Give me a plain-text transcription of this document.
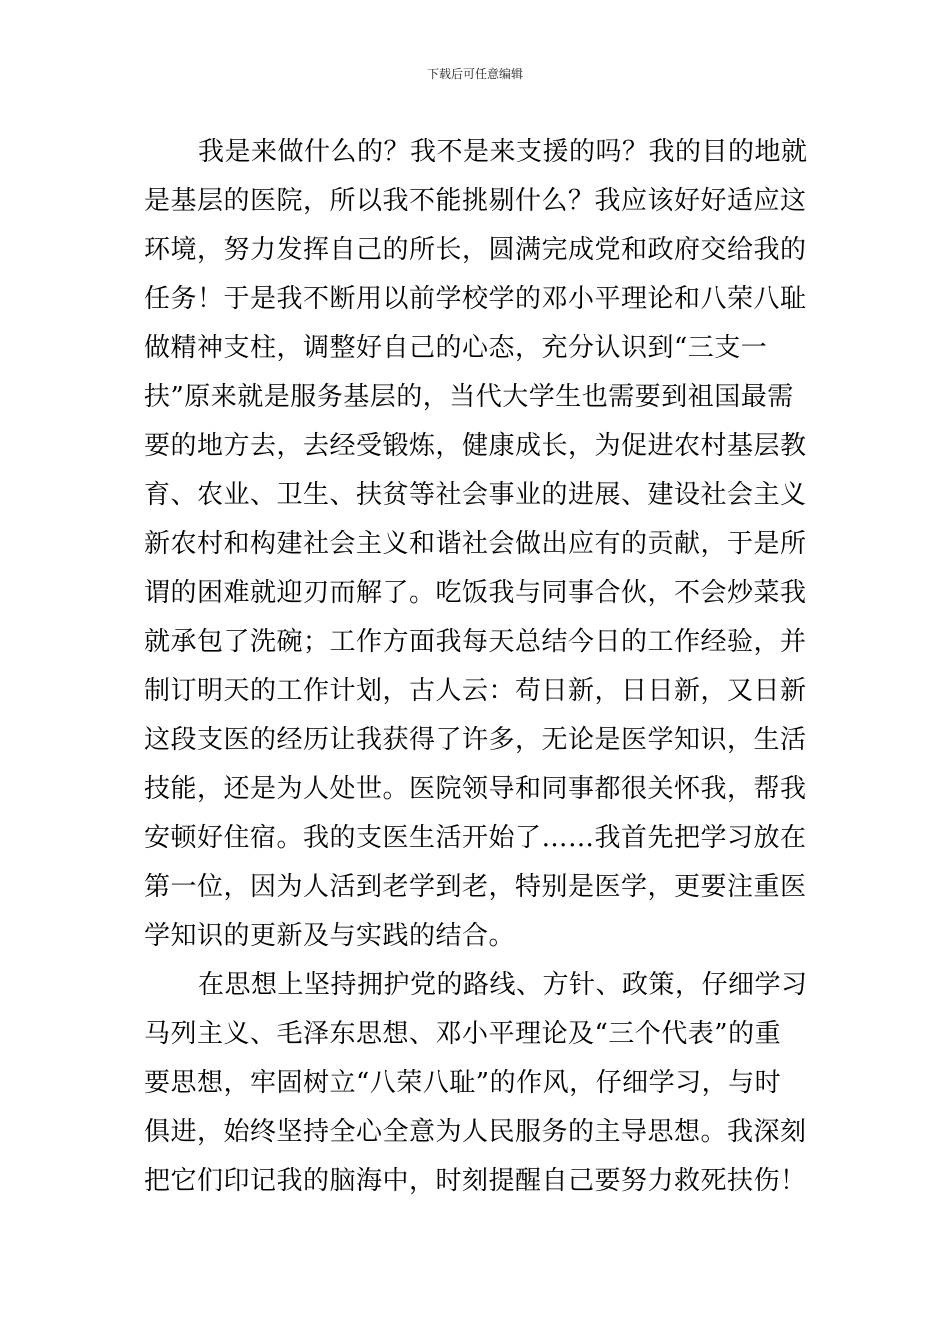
下载后可任意编辑

我是来做什么的？我不是来支援的吗？我的目的地就
是基层的医院，所以我不能挑剔什么？我应该好好适应这
环境，努力发挥自己的所长，圆满完成党和政府交给我的
任务！于是我不断用以前学校学的邓小平理论和八荣八耻
做精神支柱，调整好自己的心态，充分认识到“三支一
扶”原来就是服务基层的，当代大学生也需要到祖国最需
要的地方去，去经受锻炼，健康成长，为促进农村基层教
育、农业、卫生、扶贫等社会事业的进展、建设社会主义
新农村和构建社会主义和谐社会做出应有的贡献，于是所
谓的困难就迎刃而解了。吃饭我与同事合伙，不会炒菜我
就承包了洗碗；工作方面我每天总结今日的工作经验，并
制订明天的工作计划，古人云：苟日新，日日新，又日新
这段支医的经历让我获得了许多，无论是医学知识，生活
技能，还是为人处世。医院领导和同事都很关怀我，帮我
安顿好住宿。我的支医生活开始了……我首先把学习放在
第一位，因为人活到老学到老，特别是医学，更要注重医
学知识的更新及与实践的结合。

在思想上坚持拥护党的路线、方针、政策，仔细学习
马列主义、毛泽东思想、邓小平理论及“三个代表”的重
要思想，牢固树立“八荣八耻”的作风，仔细学习，与时
俱进，始终坚持全心全意为人民服务的主导思想。我深刻
把它们印记我的脑海中，时刻提醒自己要努力救死扶伤！
